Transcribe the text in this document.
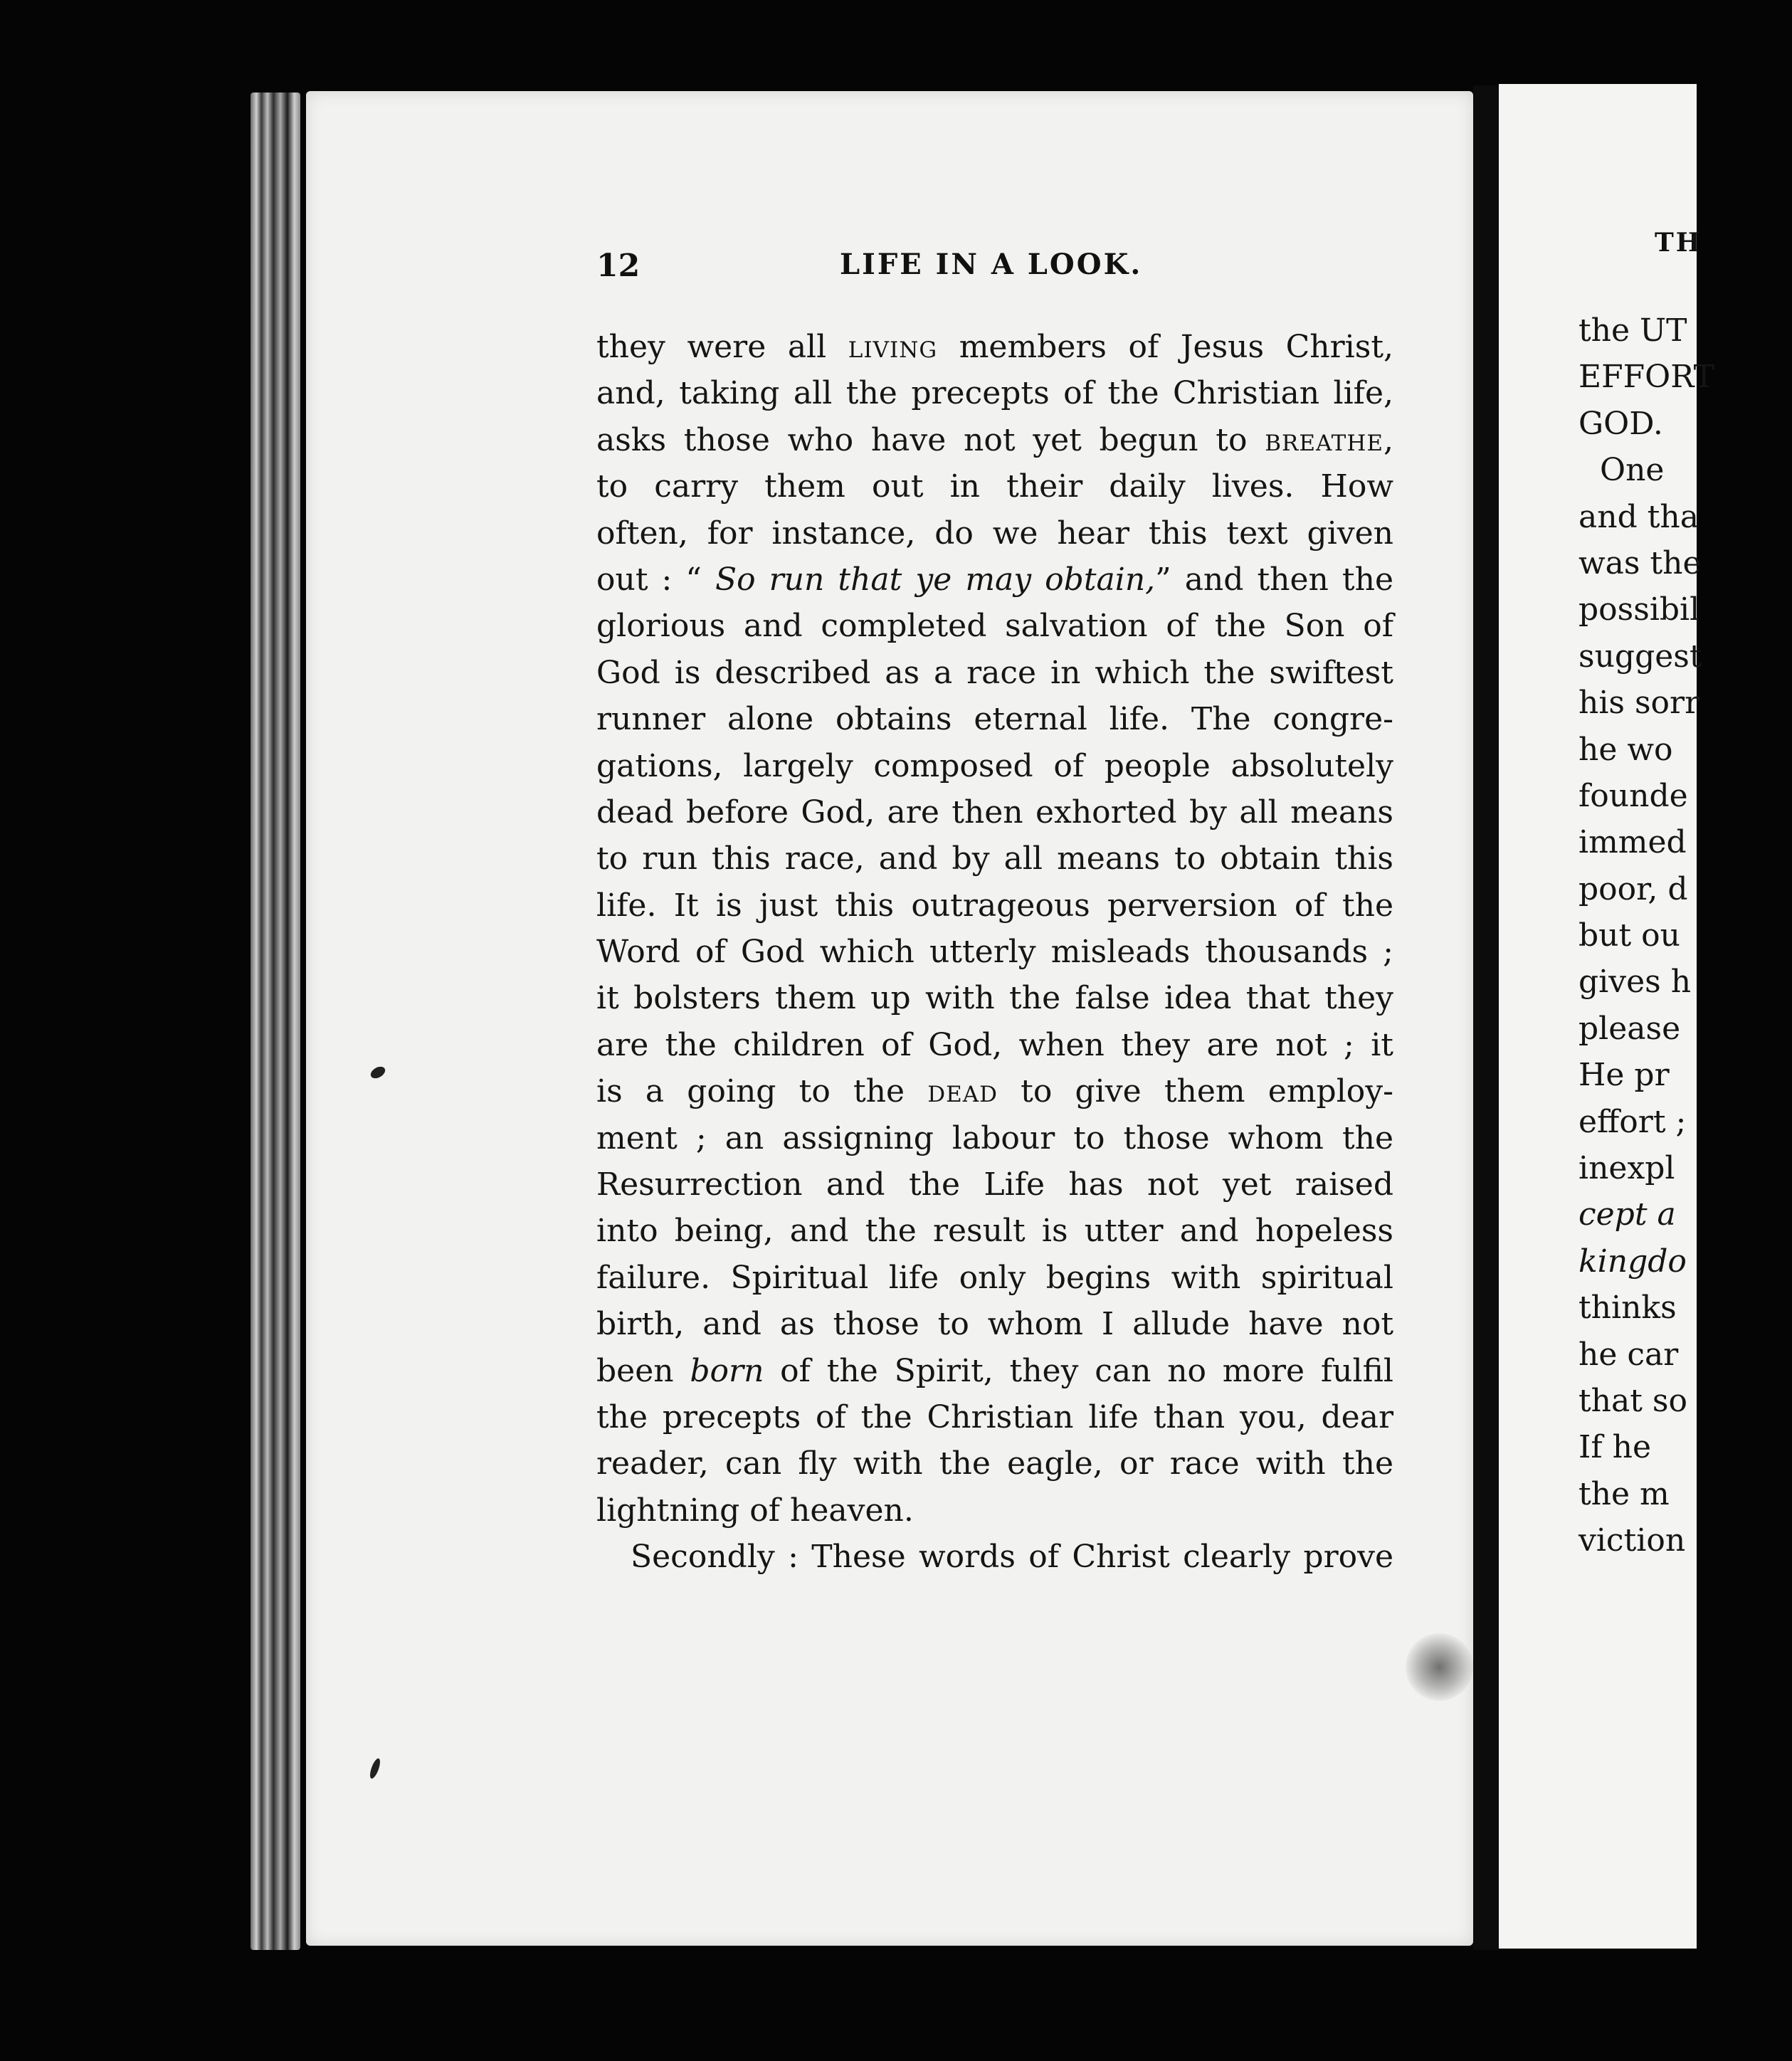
12	LIFE IN A LOOK.
they were all living members of Jesus Christ,
and, taking all the precepts of the Christian life,
asks those who have not yet begun to breathe,
to carry them out in their daily lives. How
often, for instance, do we hear this text given
out : “ So run that ye may obtain,” and then the
glorious and completed salvation of the Son of
God is described as a race in which the swiftest
runner alone obtains eternal life. The congre-
gations, largely composed of people absolutely
dead before God, are then exhorted by all means
to run this race, and by all means to obtain this
life. It is just this outrageous perversion of the
Word of God which utterly misleads thousands ;
it bolsters them up with the false idea that they
are the children of God, when they are not ; it
is a going to the dead to give them employ-
ment ; an assigning labour to those whom the
Resurrection and the Life has not yet raised
into being, and the result is utter and hopeless
failure. Spiritual life only begins with spiritual
birth, and as those to whom I allude have not
been born of the Spirit, they can no more fulfil
the precepts of the Christian life than you, dear
reader, can fly with the eagle, or race with the
lightning of heaven.
Secondly : These words of Christ clearly prove
TH
the UT
EFFORT
GOD.
One
and tha
was the
possibil
suggest
his sorr
he wo
founde
immed
poor, d
but ou
gives h
please
He pr
effort ;
inexpl
cept a
kingdo
thinks
he car
that so
If he
the m
viction
